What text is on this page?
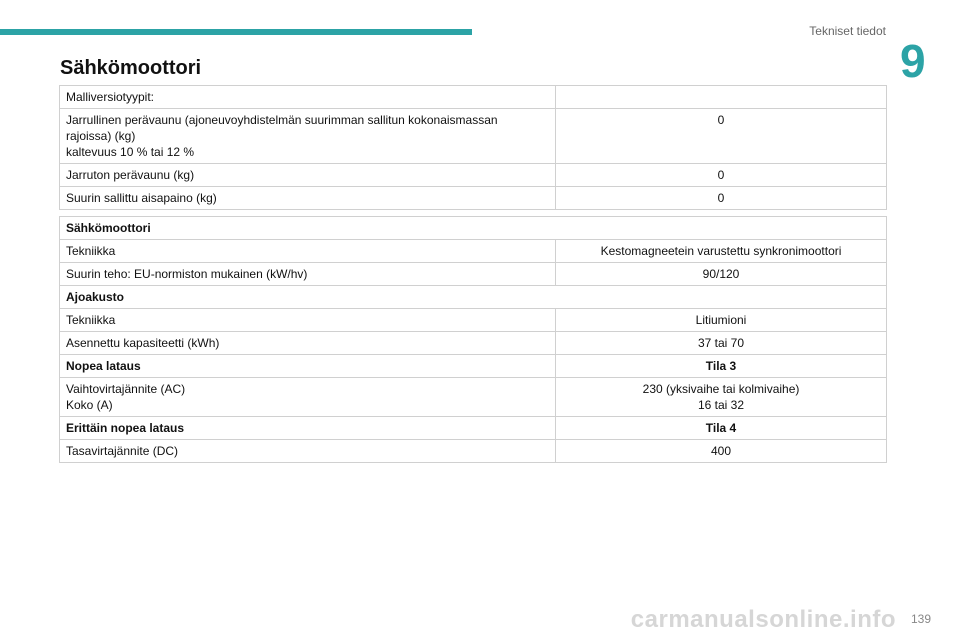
Tekniset tiedot
9
Sähkömoottori
Malliversiotyypit:	
Jarrullinen perävaunu (ajoneuvoyhdistelmän suurimman sallitun kokonaismassan
rajoissa) (kg)
kaltevuus 10 % tai 12 %	0
Jarruton perävaunu (kg)	0
Suurin sallittu aisapaino (kg)	0
Sähkömoottori	
Tekniikka	Kestomagneetein varustettu synkronimoottori
Suurin teho: EU-normiston mukainen (kW/hv)	90/120
Ajoakusto	
Tekniikka	Litiumioni
Asennettu kapasiteetti (kWh)	37 tai 70
Nopea lataus	Tila 3
Vaihtovirtajännite (AC)
Koko (A)	230 (yksivaihe tai kolmivaihe)
16 tai 32
Erittäin nopea lataus	Tila 4
Tasavirtajännite (DC)	400
carmanualsonline.info 139
